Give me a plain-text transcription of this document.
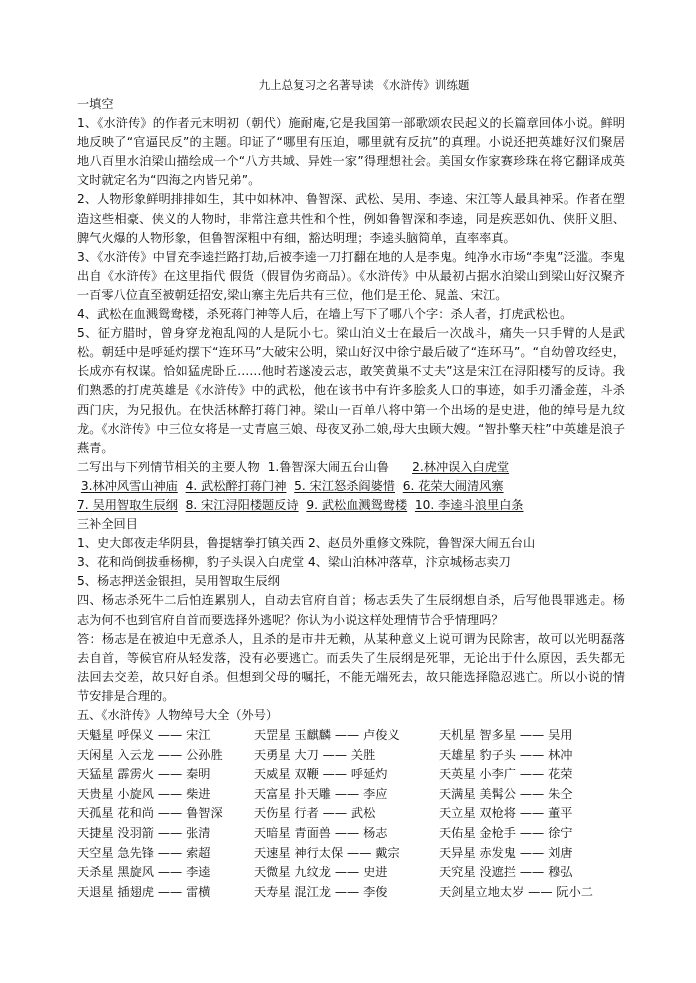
九上总复习之名著导读 《水浒传》训练题
一填空

1、《水浒传》的作者元末明初（朝代）施耐庵,它是我国第一部歌颂农民起义的长篇章回体小说。鲜明地反映了“官逼民反”的主题。印证了“哪里有压迫，哪里就有反抗”的真理。小说还把英雄好汉们聚居地八百里水泊梁山描绘成一个“八方共域、异姓一家”得理想社会。美国女作家赛珍珠在将它翻译成英文时就定名为“四海之内皆兄弟”。

2、人物形象鲜明排排如生，其中如林冲、鲁智深、武松、吴用、李逵、宋江等人最具神采。作者在塑造这些相豪、侠义的人物时，非常注意共性和个性，例如鲁智深和李逵，同是疾恶如仇、侠肝义胆、脾气火爆的人物形象，但鲁智深粗中有细，豁达明理；李逵头脑简单，直率率真。

3、《水浒传》中冒充李逵拦路打劫,后被李逵一刀打翻在地的人是李鬼。纯净水市场“李鬼”泛滥。李鬼出自《水浒传》在这里指代 假货（假冒伪劣商品）。《水浒传》中从最初占据水泊梁山到梁山好汉聚齐一百零八位直至被朝廷招安,梁山寨主先后共有三位，他们是王伦、晁盖、宋江。

4、武松在血溅鸳鸯楼，杀死蒋门神等人后，在墙上写下了哪八个字：杀人者，打虎武松也。

5、征方腊时，曾身穿龙袍乱闯的人是阮小七。梁山泊义士在最后一次战斗，痛失一只手臂的人是武松。朝廷中是呼延灼摆下“连环马”大破宋公明，梁山好汉中徐宁最后破了“连环马”。“自幼曾攻经史，长成亦有权谋。恰如猛虎卧丘……他时若遂凌云志，敢笑黄巢不丈夫”这是宋江在浔阳楼写的反诗。我们熟悉的打虎英雄是《水浒传》中的武松，他在该书中有许多脍炙人口的事迹，如手刃潘金莲，斗杀西门庆，为兄报仇。在快活林醉打蒋门神。梁山一百单八将中第一个出场的是史进，他的绰号是九纹龙。《水浒传》中三位女将是一丈青扈三娘、母夜叉孙二娘,母大虫顾大嫂。“智扑擎天柱”中英雄是浪子燕青。

二写出与下列情节相关的主要人物 1.鲁智深大闹五台山鲁 2.林冲误入白虎堂
3.林冲风雪山神庙 4. 武松醉打蒋门神 5. 宋江怒杀阎婆惜 6. 花荣大闹清风寨
7. 吴用智取生辰纲 8. 宋江浔阳楼题反诗 9. 武松血溅鸳鸯楼 10. 李逵斗浪里白条
三补全回目
1、史大郎夜走华阴县，鲁提辖拳打镇关西 2、赵员外重修文殊院，鲁智深大闹五台山
3、花和尚倒拔垂杨柳，豹子头误入白虎堂 4、梁山泊林冲落草，汴京城杨志卖刀
5、杨志押送金银担，吴用智取生辰纲

四、杨志杀死牛二后怕连累别人，自动去官府自首；杨志丢失了生辰纲想自杀，后写他畏罪逃走。杨志为何不也到官府自首而要选择外逃呢？你认为小说这样处理情节合乎情理吗？

答：杨志是在被迫中无意杀人，且杀的是市井无赖，从某种意义上说可谓为民除害，故可以光明磊落去自首，等候官府从轻发落，没有必要逃亡。而丢失了生辰纲是死罪，无论出于什么原因，丢失都无法回去交差，故只好自杀。但想到父母的嘱托，不能无端死去，故只能选择隐忍逃亡。所以小说的情节安排是合理的。

五、《水浒传》人物绰号大全（外号）
天魁星 呼保义 —— 宋江	天罡星 玉麒麟 —— 卢俊义	天机星 智多星 —— 吴用
天闲星 入云龙 —— 公孙胜	天勇星 大刀 —— 关胜	天雄星 豹子头 —— 林冲
天猛星 霹雳火 —— 秦明	天威星 双鞭 —— 呼延灼	天英星 小李广 —— 花荣
天贵星 小旋风 —— 柴进	天富星 扑天雕 —— 李应	天满星 美髯公 —— 朱仝
天孤星 花和尚 —— 鲁智深	天伤星 行者 —— 武松	天立星 双枪将 —— 董平
天捷星 没羽箭 —— 张清	天暗星 青面兽 —— 杨志	天佑星 金枪手 —— 徐宁
天空星 急先锋 —— 索超	天速星 神行太保 —— 戴宗	天异星 赤发鬼 —— 刘唐
天杀星 黑旋风 —— 李逵	天微星 九纹龙 —— 史进	天究星 没遮拦 —— 穆弘
天退星 插翅虎 —— 雷横	天寿星 混江龙 —— 李俊	天剑星立地太岁 —— 阮小二
